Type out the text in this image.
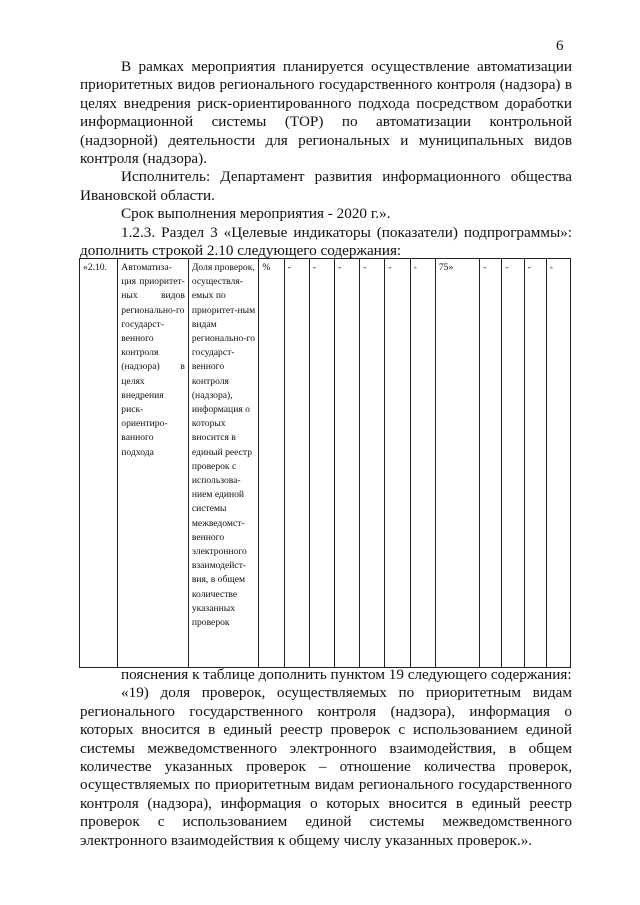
6

В рамках мероприятия планируется осуществление автоматизации приоритетных видов регионального государственного контроля (надзора) в целях внедрения риск-ориентированного подхода посредством доработки информационной системы (ТОР) по автоматизации контрольной (надзорной) деятельности для региональных и муниципальных видов контроля (надзора).

Исполнитель: Департамент развития информационного общества Ивановской области.

Срок выполнения мероприятия - 2020 г.».

1.2.3. Раздел 3 «Целевые индикаторы (показатели) подпрограммы»: дополнить строкой 2.10 следующего содержания:

«2.10.	Автоматиза-ция приоритет-ных видов регионально-го государст-венного контроля (надзора) в целях внедрения риск-ориентиро-ванного подхода	Доля проверок, осуществля-емых по приоритет-ным видам регионально-го государст-венного контроля (надзора), информация о которых вносится в единый реестр проверок с использова-нием единой системы межведомст-венного электронного взаимодейст-вия, в общем количестве указанных проверок	%	-	-	-	-	-	-	75»	-	-	-	-

пояснения к таблице дополнить пунктом 19 следующего содержания:

«19) доля проверок, осуществляемых по приоритетным видам регионального государственного контроля (надзора), информация о которых вносится в единый реестр проверок с использованием единой системы межведомственного электронного взаимодействия, в общем количестве указанных проверок – отношение количества проверок, осуществляемых по приоритетным видам регионального государственного контроля (надзора), информация о которых вносится в единый реестр проверок с использованием единой системы межведомственного электронного взаимодействия к общему числу указанных проверок.».
